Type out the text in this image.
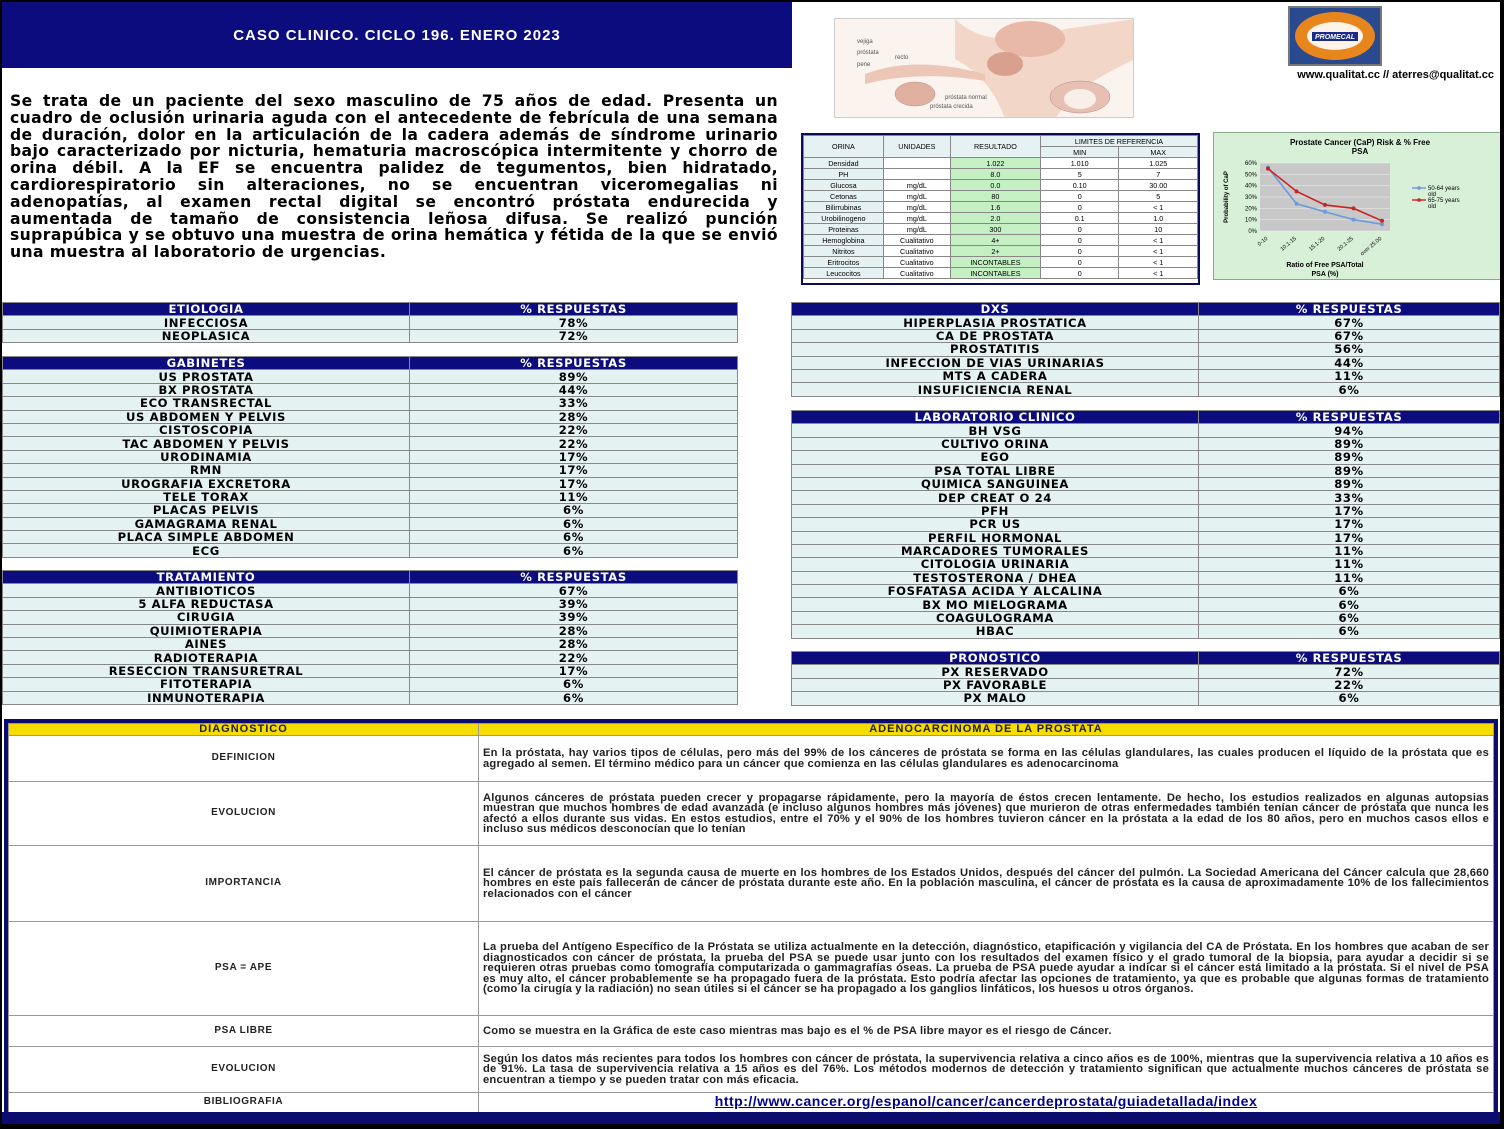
CASO CLINICO. CICLO 196. ENERO 2023
Se trata de un paciente del sexo masculino de 75 años de edad. Presenta un cuadro de oclusión urinaria aguda con el antecedente de febrícula de una semana de duración, dolor en la articulación de la cadera además de síndrome urinario bajo caracterizado por nicturia, hematuria macroscópica intermitente y chorro de orina débil. A la EF se encuentra palidez de tegumentos, bien hidratado, cardiorespiratorio sin alteraciones, no se encuentran viceromegalias ni adenopatías, al examen rectal digital se encontró próstata endurecida y aumentada de tamaño de consistencia leñosa difusa. Se realizó punción suprapúbica y se obtuvo una muestra de orina hemática y fétida de la que se envió una muestra al laboratorio de urgencias.
vejiga
próstata
recto
pene
próstata normal
próstata crecida
PROMECAL
www.qualitat.cc // aterres@qualitat.cc
ORINA	UNIDADES	RESULTADO	LIMITES DE REFERENCIA	
			MIN	MAX
Densidad		1.022	1.010	1.025
PH		8.0	5	7
Glucosa	mg/dL	0.0	0.10	30.00
Cetonas	mg/dL	80	0	5
Bilirrubinas	mg/dL	1.6	0	< 1
Urobilinogeno	mg/dL	2.0	0.1	1.0
Proteinas	mg/dL	300	0	10
Hemoglobina	Cualitativo	4+	0	< 1
Nitritos	Cualitativo	2+	0	< 1
Eritrocitos	Cualitativo	INCONTABLES	0	< 1
Leucocitos	Cualitativo	INCONTABLES	0	< 1
Prostate Cancer (CaP) Risk & % Free
PSA
0%
10%
20%
30%
40%
50%
60%
0-10 10.1-15 15.1-20 20.1-25 over 25.00
50-64 years
old
65-75 years
old
Probability of CaP
Ratio of Free PSA/Total
PSA (%)
ETIOLOGIA	% RESPUESTAS
INFECCIOSA	78%
NEOPLASICA	72%
GABINETES	% RESPUESTAS
US PROSTATA	89%
BX PROSTATA	44%
ECO TRANSRECTAL	33%
US ABDOMEN Y PELVIS	28%
CISTOSCOPIA	22%
TAC ABDOMEN Y PELVIS	22%
URODINAMIA	17%
RMN	17%
UROGRAFIA EXCRETORA	17%
TELE TORAX	11%
PLACAS PELVIS	6%
GAMAGRAMA RENAL	6%
PLACA SIMPLE ABDOMEN	6%
ECG	6%
TRATAMIENTO	% RESPUESTAS
ANTIBIOTICOS	67%
5 ALFA REDUCTASA	39%
CIRUGIA	39%
QUIMIOTERAPIA	28%
AINES	28%
RADIOTERAPIA	22%
RESECCION TRANSURETRAL	17%
FITOTERAPIA	6%
INMUNOTERAPIA	6%
DXS	% RESPUESTAS
HIPERPLASIA PROSTATICA	67%
CA DE PROSTATA	67%
PROSTATITIS	56%
INFECCION DE VIAS URINARIAS	44%
MTS A CADERA	11%
INSUFICIENCIA RENAL	6%
LABORATORIO CLINICO	% RESPUESTAS
BH VSG	94%
CULTIVO ORINA	89%
EGO	89%
PSA TOTAL LIBRE	89%
QUIMICA SANGUINEA	89%
DEP CREAT O 24	33%
PFH	17%
PCR US	17%
PERFIL HORMONAL	17%
MARCADORES TUMORALES	11%
CITOLOGIA URINARIA	11%
TESTOSTERONA / DHEA	11%
FOSFATASA ACIDA Y ALCALINA	6%
BX MO MIELOGRAMA	6%
COAGULOGRAMA	6%
HBAC	6%
PRONOSTICO	% RESPUESTAS
PX RESERVADO	72%
PX FAVORABLE	22%
PX MALO	6%
DIAGNOSTICO	ADENOCARCINOMA DE LA PROSTATA
DEFINICION	En la próstata, hay varios tipos de células, pero más del 99% de los cánceres de próstata se forma en las células glandulares, las cuales producen el líquido de la próstata que es agregado al semen. El término médico para un cáncer que comienza en las células glandulares es adenocarcinoma
EVOLUCION	Algunos cánceres de próstata pueden crecer y propagarse rápidamente, pero la mayoría de éstos crecen lentamente. De hecho, los estudios realizados en algunas autopsias muestran que muchos hombres de edad avanzada (e incluso algunos hombres más jóvenes) que murieron de otras enfermedades también tenían cáncer de próstata que nunca les afectó a ellos durante sus vidas. En estos estudios, entre el 70% y el 90% de los hombres tuvieron cáncer en la próstata a la edad de los 80 años, pero en muchos casos ellos e incluso sus médicos desconocían que lo tenían
IMPORTANCIA	El cáncer de próstata es la segunda causa de muerte en los hombres de los Estados Unidos, después del cáncer del pulmón. La Sociedad Americana del Cáncer calcula que 28,660 hombres en este país fallecerán de cáncer de próstata durante este año. En la población masculina, el cáncer de próstata es la causa de aproximadamente 10% de los fallecimientos relacionados con el cáncer
PSA = APE	La prueba del Antígeno Específico de la Próstata se utiliza actualmente en la detección, diagnóstico, etapificación y vigilancia del CA de Próstata. En los hombres que acaban de ser diagnosticados con cáncer de próstata, la prueba del PSA se puede usar junto con los resultados del examen físico y el grado tumoral de la biopsia, para ayudar a decidir si se requieren otras pruebas como tomografía computarizada o gammagrafías óseas. La prueba de PSA puede ayudar a indicar si el cáncer está limitado a la próstata. Si el nivel de PSA es muy alto, el cáncer probablemente se ha propagado fuera de la próstata. Esto podría afectar las opciones de tratamiento, ya que es probable que algunas formas de tratamiento (como la cirugía y la radiación) no sean útiles si el cáncer se ha propagado a los ganglios linfáticos, los huesos u otros órganos.
PSA LIBRE	Como se muestra en la Gráfica de este caso mientras mas bajo es el % de PSA libre mayor es el riesgo de Cáncer.
EVOLUCION	Según los datos más recientes para todos los hombres con cáncer de próstata, la supervivencia relativa a cinco años es de 100%, mientras que la supervivencia relativa a 10 años es de 91%. La tasa de supervivencia relativa a 15 años es del 76%. Los métodos modernos de detección y tratamiento significan que actualmente muchos cánceres de próstata se encuentran a tiempo y se pueden tratar con más eficacia.
BIBLIOGRAFIA	http://www.cancer.org/espanol/cancer/cancerdeprostata/guiadetallada/index
